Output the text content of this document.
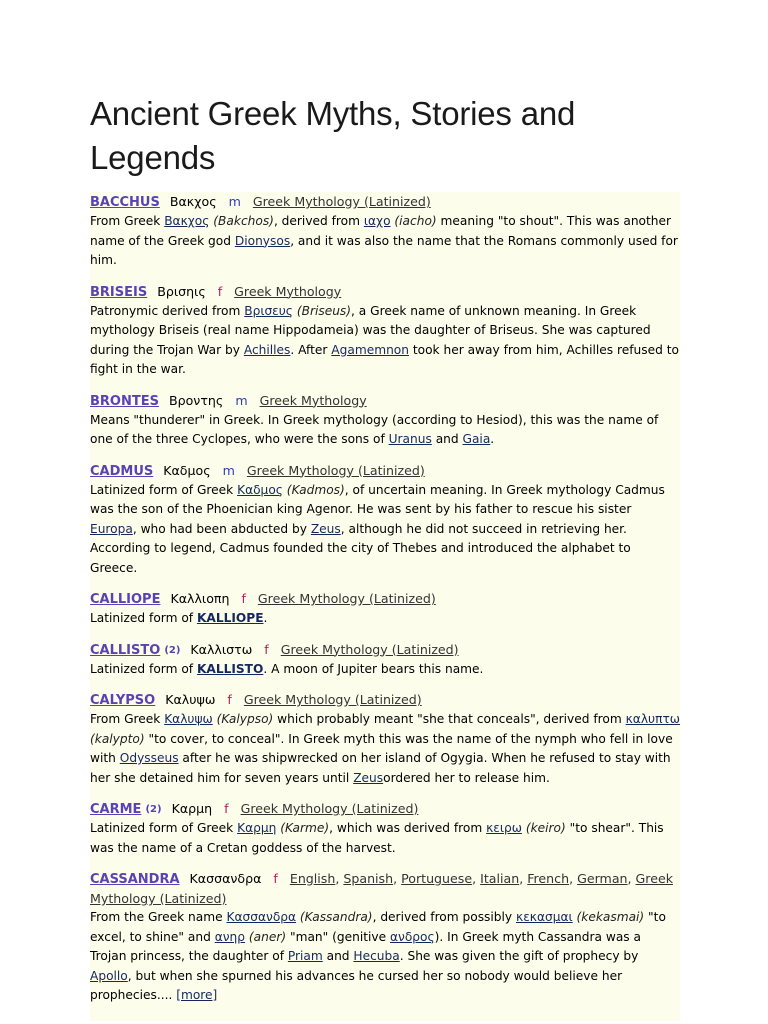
Ancient Greek Myths, Stories and Legends
BACCHUS Βακχος m Greek Mythology (Latinized)
From Greek Βακχος (Bakchos), derived from ιαχο (iacho) meaning "to shout". This was another name of the Greek god Dionysos, and it was also the name that the Romans commonly used for him.
BRISEIS Βρισηις f Greek Mythology
Patronymic derived from Βρισευς (Briseus), a Greek name of unknown meaning. In Greek mythology Briseis (real name Hippodameia) was the daughter of Briseus. She was captured during the Trojan War by Achilles. After Agamemnon took her away from him, Achilles refused to fight in the war.
BRONTES Βροντης m Greek Mythology
Means "thunderer" in Greek. In Greek mythology (according to Hesiod), this was the name of one of the three Cyclopes, who were the sons of Uranus and Gaia.
CADMUS Καδμος m Greek Mythology (Latinized)
Latinized form of Greek Καδμος (Kadmos), of uncertain meaning. In Greek mythology Cadmus was the son of the Phoenician king Agenor. He was sent by his father to rescue his sister Europa, who had been abducted by Zeus, although he did not succeed in retrieving her. According to legend, Cadmus founded the city of Thebes and introduced the alphabet to Greece.
CALLIOPE Καλλιοπη f Greek Mythology (Latinized)
Latinized form of KALLIOPE.
CALLISTO (2) Καλλιστω f Greek Mythology (Latinized)
Latinized form of KALLISTO. A moon of Jupiter bears this name.
CALYPSO Καλυψω f Greek Mythology (Latinized)
From Greek Καλυψω (Kalypso) which probably meant "she that conceals", derived from καλυπτω (kalypto) "to cover, to conceal". In Greek myth this was the name of the nymph who fell in love with Odysseus after he was shipwrecked on her island of Ogygia. When he refused to stay with her she detained him for seven years until Zeusordered her to release him.
CARME (2) Καρμη f Greek Mythology (Latinized)
Latinized form of Greek Καρμη (Karme), which was derived from κειρω (keiro) "to shear". This was the name of a Cretan goddess of the harvest.
CASSANDRA Κασσανδρα f English, Spanish, Portuguese, Italian, French, German, Greek Mythology (Latinized)
From the Greek name Κασσανδρα (Kassandra), derived from possibly κεκασμαι (kekasmai) "to excel, to shine" and ανηρ (aner) "man" (genitive ανδρος). In Greek myth Cassandra was a Trojan princess, the daughter of Priam and Hecuba. She was given the gift of prophecy by Apollo, but when she spurned his advances he cursed her so nobody would believe her prophecies.... [more]
